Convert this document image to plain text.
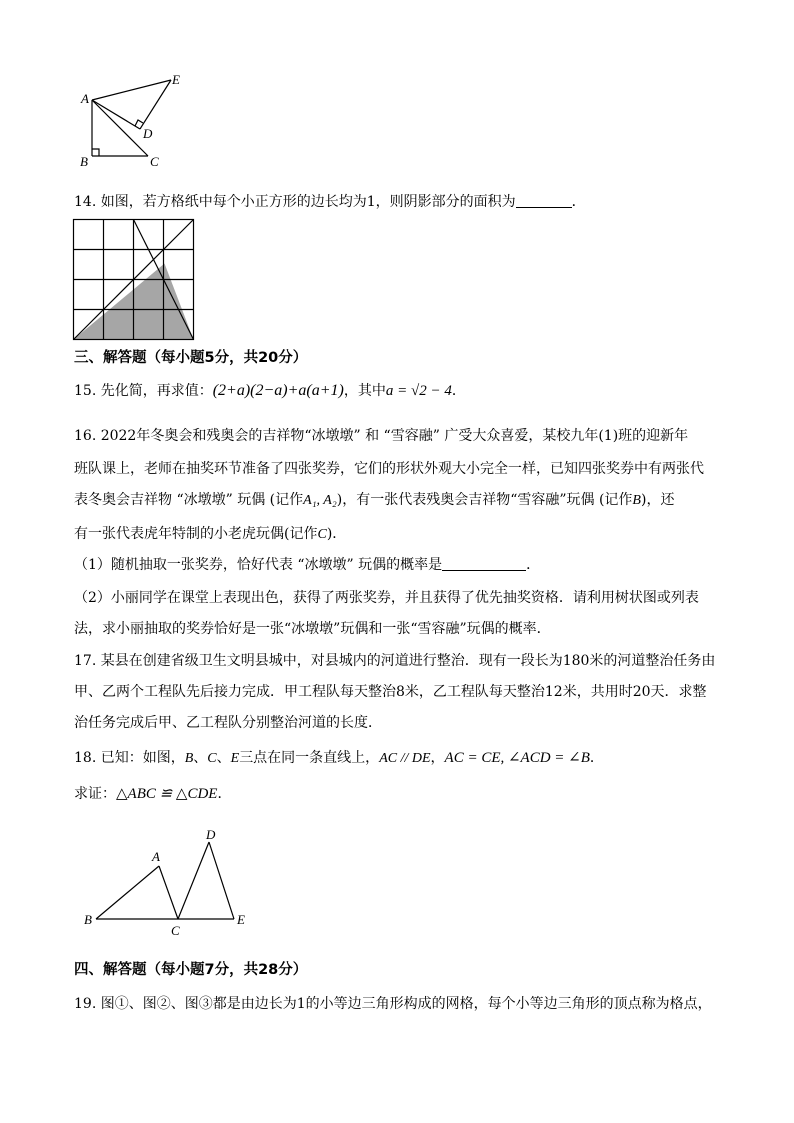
A
E
D
B	C
14. 如图，若方格纸中每个小正方形的边长均为1，则阴影部分的面积为	．
三、解答题（每小题5分，共20分）
15. 先化简，再求值：(2+a)(2−a)+a(a+1)，其中a = √2 − 4．
16. 2022年冬奥会和残奥会的吉祥物“冰墩墩” 和 “雪容融” 广受大众喜爱，某校九年(1)班的迎新年
班队课上，老师在抽奖环节准备了四张奖券，它们的形状外观大小完全一样，已知四张奖券中有两张代
表冬奥会吉祥物 “冰墩墩” 玩偶 (记作A₁, A₂)，有一张代表残奥会吉祥物“雪容融”玩偶 (记作B)，还
有一张代表虎年特制的小老虎玩偶(记作C)．
（1）随机抽取一张奖券，恰好代表 “冰墩墩” 玩偶的概率是	．
（2）小丽同学在课堂上表现出色，获得了两张奖券，并且获得了优先抽奖资格．请利用树状图或列表
法，求小丽抽取的奖券恰好是一张“冰墩墩”玩偶和一张“雪容融”玩偶的概率．
17. 某县在创建省级卫生文明县城中，对县城内的河道进行整治．现有一段长为180米的河道整治任务由
甲、乙两个工程队先后接力完成．甲工程队每天整治8米，乙工程队每天整治12米，共用时20天．求整
治任务完成后甲、乙工程队分别整治河道的长度．
18. 已知：如图，B、C、E三点在同一条直线上，AC // DE，AC = CE, ∠ACD = ∠B．
求证：△ABC ≌ △CDE．
A
D
B
C
E
四、解答题（每小题7分，共28分）
19. 图①、图②、图③都是由边长为1的小等边三角形构成的网格，每个小等边三角形的顶点称为格点，
